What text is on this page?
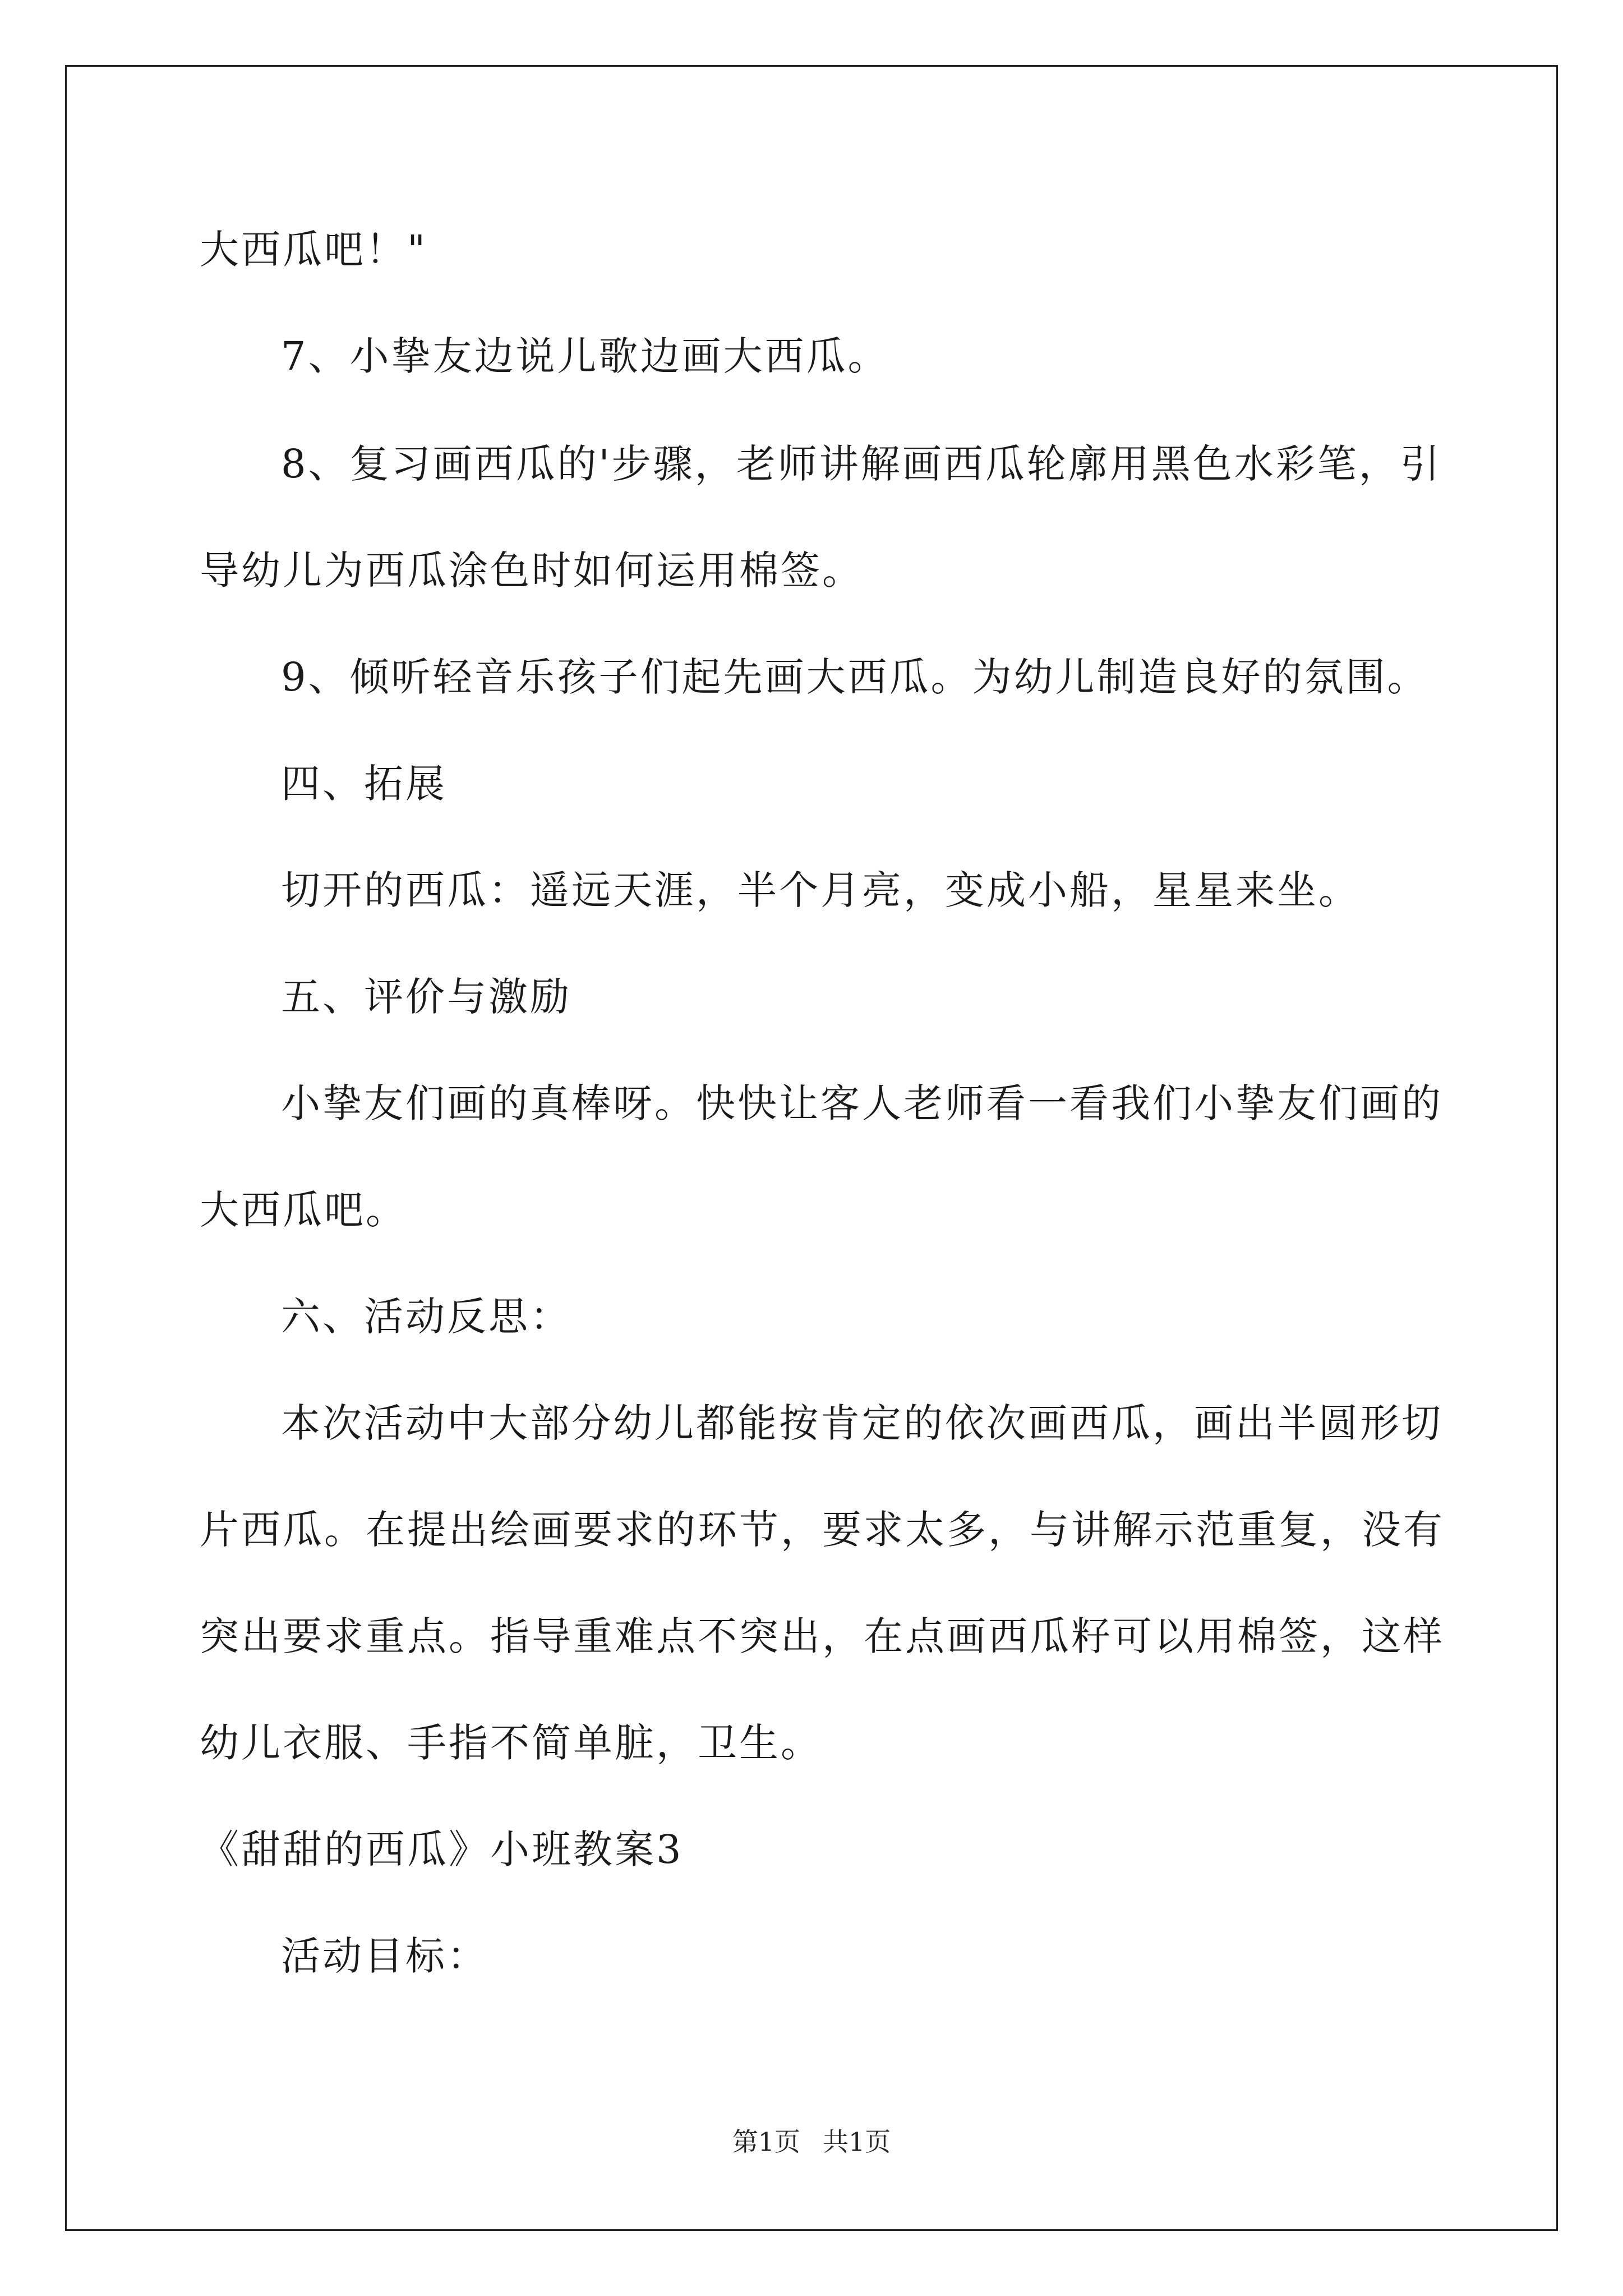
大西瓜吧！"
7、小挚友边说儿歌边画大西瓜。
8、复习画西瓜的'步骤，老师讲解画西瓜轮廓用黑色水彩笔，引
导幼儿为西瓜涂色时如何运用棉签。
9、倾听轻音乐孩子们起先画大西瓜。为幼儿制造良好的氛围。
四、拓展
切开的西瓜：遥远天涯，半个月亮，变成小船，星星来坐。
五、评价与激励
小挚友们画的真棒呀。快快让客人老师看一看我们小挚友们画的
大西瓜吧。
六、活动反思：
本次活动中大部分幼儿都能按肯定的依次画西瓜，画出半圆形切
片西瓜。在提出绘画要求的环节，要求太多，与讲解示范重复，没有
突出要求重点。指导重难点不突出，在点画西瓜籽可以用棉签，这样
幼儿衣服、手指不简单脏，卫生。
《甜甜的西瓜》小班教案3
活动目标：
第1页 共1页
